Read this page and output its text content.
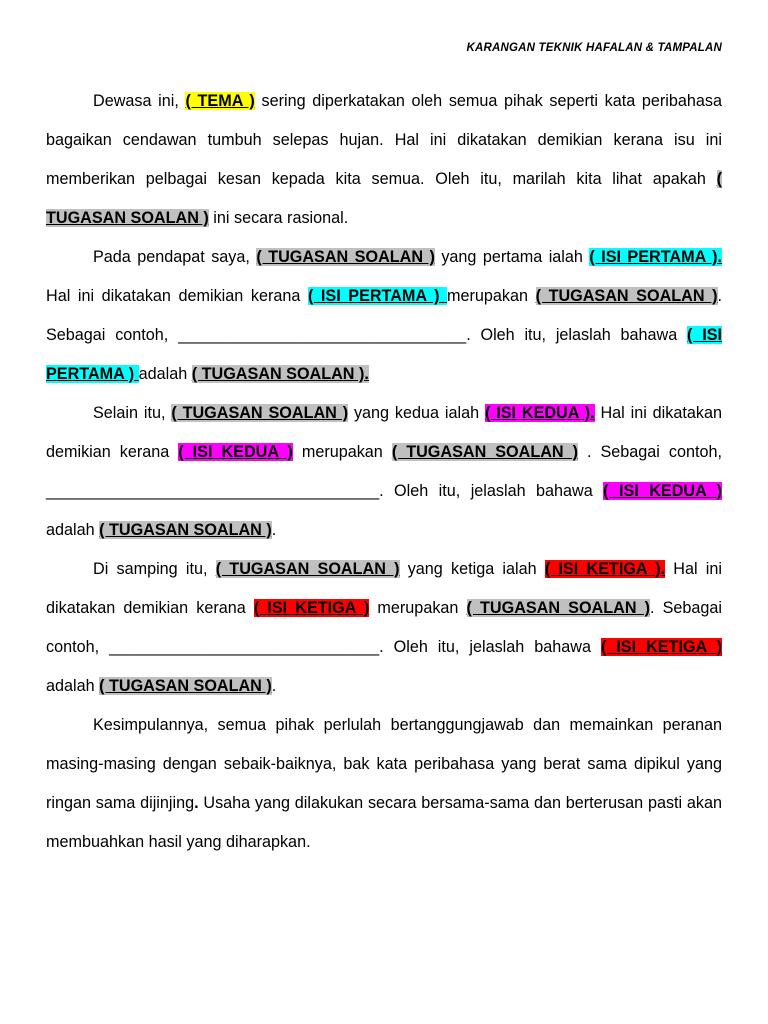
KARANGAN TEKNIK HAFALAN & TAMPALAN

Dewasa ini, ( TEMA ) sering diperkatakan oleh semua pihak seperti kata peribahasa bagaikan cendawan tumbuh selepas hujan. Hal ini dikatakan demikian kerana isu ini memberikan pelbagai kesan kepada kita semua. Oleh itu, marilah kita lihat apakah ( TUGASAN SOALAN ) ini secara rasional.

Pada pendapat saya, ( TUGASAN SOALAN ) yang pertama ialah ( ISI PERTAMA ). Hal ini dikatakan demikian kerana ( ISI PERTAMA ) merupakan ( TUGASAN SOALAN ). Sebagai contoh, ________________________________. Oleh itu, jelaslah bahawa ( ISI PERTAMA ) adalah ( TUGASAN SOALAN ).

Selain itu, ( TUGASAN SOALAN ) yang kedua ialah ( ISI KEDUA ). Hal ini dikatakan demikian kerana ( ISI KEDUA ) merupakan ( TUGASAN SOALAN ) . Sebagai contoh, _____________________________________. Oleh itu, jelaslah bahawa ( ISI KEDUA ) adalah ( TUGASAN SOALAN ).

Di samping itu, ( TUGASAN SOALAN ) yang ketiga ialah ( ISI KETIGA ). Hal ini dikatakan demikian kerana ( ISI KETIGA ) merupakan ( TUGASAN SOALAN ). Sebagai contoh, ______________________________. Oleh itu, jelaslah bahawa ( ISI KETIGA ) adalah ( TUGASAN SOALAN ).

Kesimpulannya, semua pihak perlulah bertanggungjawab dan memainkan peranan masing-masing dengan sebaik-baiknya, bak kata peribahasa yang berat sama dipikul yang ringan sama dijinjing. Usaha yang dilakukan secara bersama-sama dan berterusan pasti akan membuahkan hasil yang diharapkan.
